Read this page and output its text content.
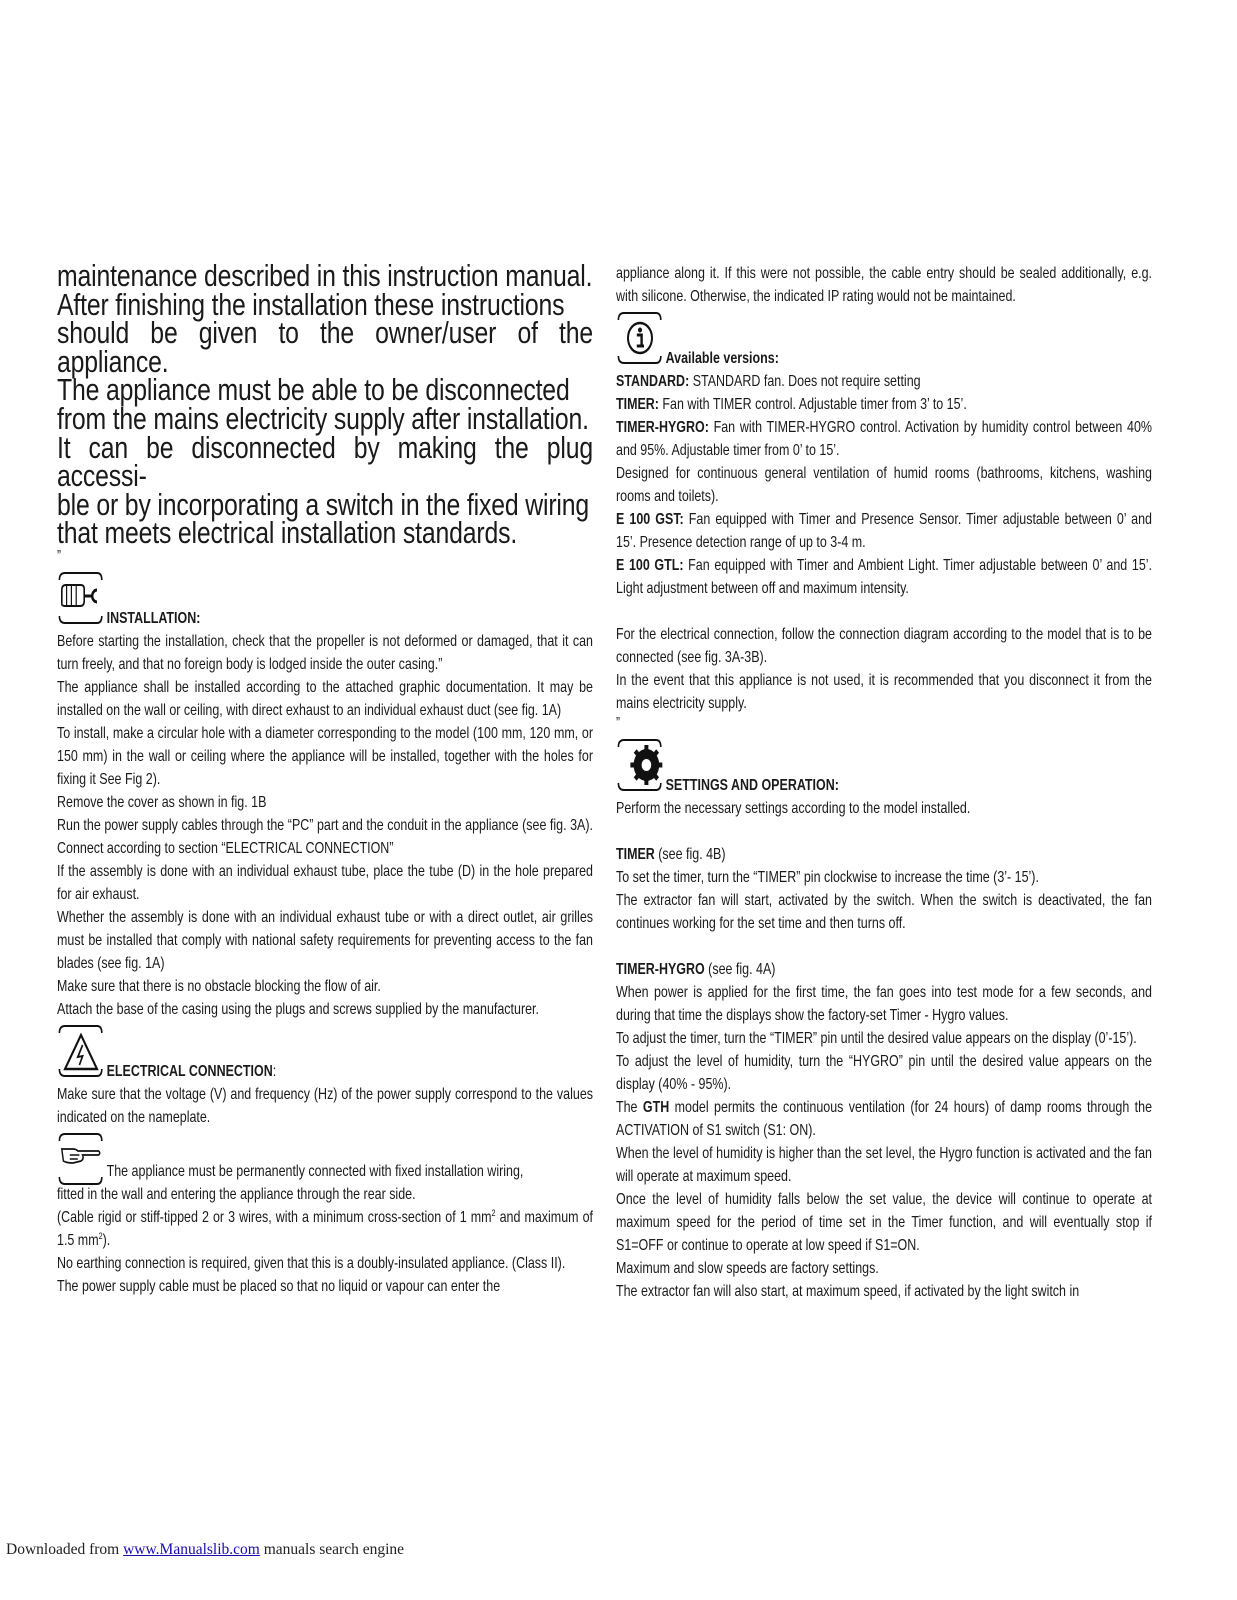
maintenance described in this instruction manual.
After finishing the installation these instructions
should be given to the owner/user of the appliance.
The appliance must be able to be disconnected
from the mains electricity supply after installation.
It can be disconnected by making the plug accessi-
ble or by incorporating a switch in the fixed wiring
that meets electrical installation standards.
”
INSTALLATION:

Before starting the installation, check that the propeller is not deformed or damaged, that it can turn freely, and that no foreign body is lodged inside the outer casing.”

The appliance shall be installed according to the attached graphic documentation. It may be installed on the wall or ceiling, with direct exhaust to an individual exhaust duct (see fig. 1A)

To install, make a circular hole with a diameter corresponding to the model (100 mm, 120 mm, or 150 mm) in the wall or ceiling where the appliance will be installed, together with the holes for fixing it See Fig 2).

Remove the cover as shown in fig. 1B

Run the power supply cables through the “PC” part and the conduit in the appliance (see fig. 3A). Connect according to section “ELECTRICAL CONNECTION”

If the assembly is done with an individual exhaust tube, place the tube (D) in the hole prepared for air exhaust.

Whether the assembly is done with an individual exhaust tube or with a direct outlet, air grilles must be installed that comply with national safety requirements for preventing access to the fan blades (see fig. 1A)

Make sure that there is no obstacle blocking the flow of air.

Attach the base of the casing using the plugs and screws supplied by the manufacturer.

ELECTRICAL CONNECTION:

Make sure that the voltage (V) and frequency (Hz) of the power supply correspond to the values indicated on the nameplate.

The appliance must be permanently connected with fixed installation wiring,

fitted in the wall and entering the appliance through the rear side.

(Cable rigid or stiff-tipped 2 or 3 wires, with a minimum cross-section of 1 $mm^2$ and maximum of 1.5 $mm^2$).

No earthing connection is required, given that this is a doubly-insulated appliance. (Class II).

The power supply cable must be placed so that no liquid or vapour can enter the

appliance along it. If this were not possible, the cable entry should be sealed additionally, e.g. with silicone. Otherwise, the indicated IP rating would not be maintained.

Available versions:

STANDARD: STANDARD fan. Does not require setting

TIMER: Fan with TIMER control. Adjustable timer from 3’ to 15’.

TIMER-HYGRO: Fan with TIMER-HYGRO control. Activation by humidity control between 40% and 95%. Adjustable timer from 0’ to 15’.

Designed for continuous general ventilation of humid rooms (bathrooms, kitchens, washing rooms and toilets).

E 100 GST: Fan equipped with Timer and Presence Sensor. Timer adjustable between 0’ and 15’. Presence detection range of up to 3-4 m.

E 100 GTL: Fan equipped with Timer and Ambient Light. Timer adjustable between 0’ and 15’. Light adjustment between off and maximum intensity.

For the electrical connection, follow the connection diagram according to the model that is to be connected (see fig. 3A-3B).

In the event that this appliance is not used, it is recommended that you disconnect it from the mains electricity supply.

”
SETTINGS AND OPERATION:

Perform the necessary settings according to the model installed.

TIMER (see fig. 4B)

To set the timer, turn the “TIMER” pin clockwise to increase the time (3’- 15’).

The extractor fan will start, activated by the switch. When the switch is deactivated, the fan continues working for the set time and then turns off.

TIMER-HYGRO (see fig. 4A)

When power is applied for the first time, the fan goes into test mode for a few seconds, and during that time the displays show the factory-set Timer - Hygro values.

To adjust the timer, turn the “TIMER” pin until the desired value appears on the display (0’-15’).

To adjust the level of humidity, turn the “HYGRO” pin until the desired value appears on the display (40% - 95%).

The GTH model permits the continuous ventilation (for 24 hours) of damp rooms through the ACTIVATION of S1 switch (S1: ON).

When the level of humidity is higher than the set level, the Hygro function is activated and the fan will operate at maximum speed.

Once the level of humidity falls below the set value, the device will continue to operate at maximum speed for the period of time set in the Timer function, and will eventually stop if S1=OFF or continue to operate at low speed if S1=ON.

Maximum and slow speeds are factory settings.

The extractor fan will also start, at maximum speed, if activated by the light switch in

Downloaded from www.Manualslib.com manuals search engine
